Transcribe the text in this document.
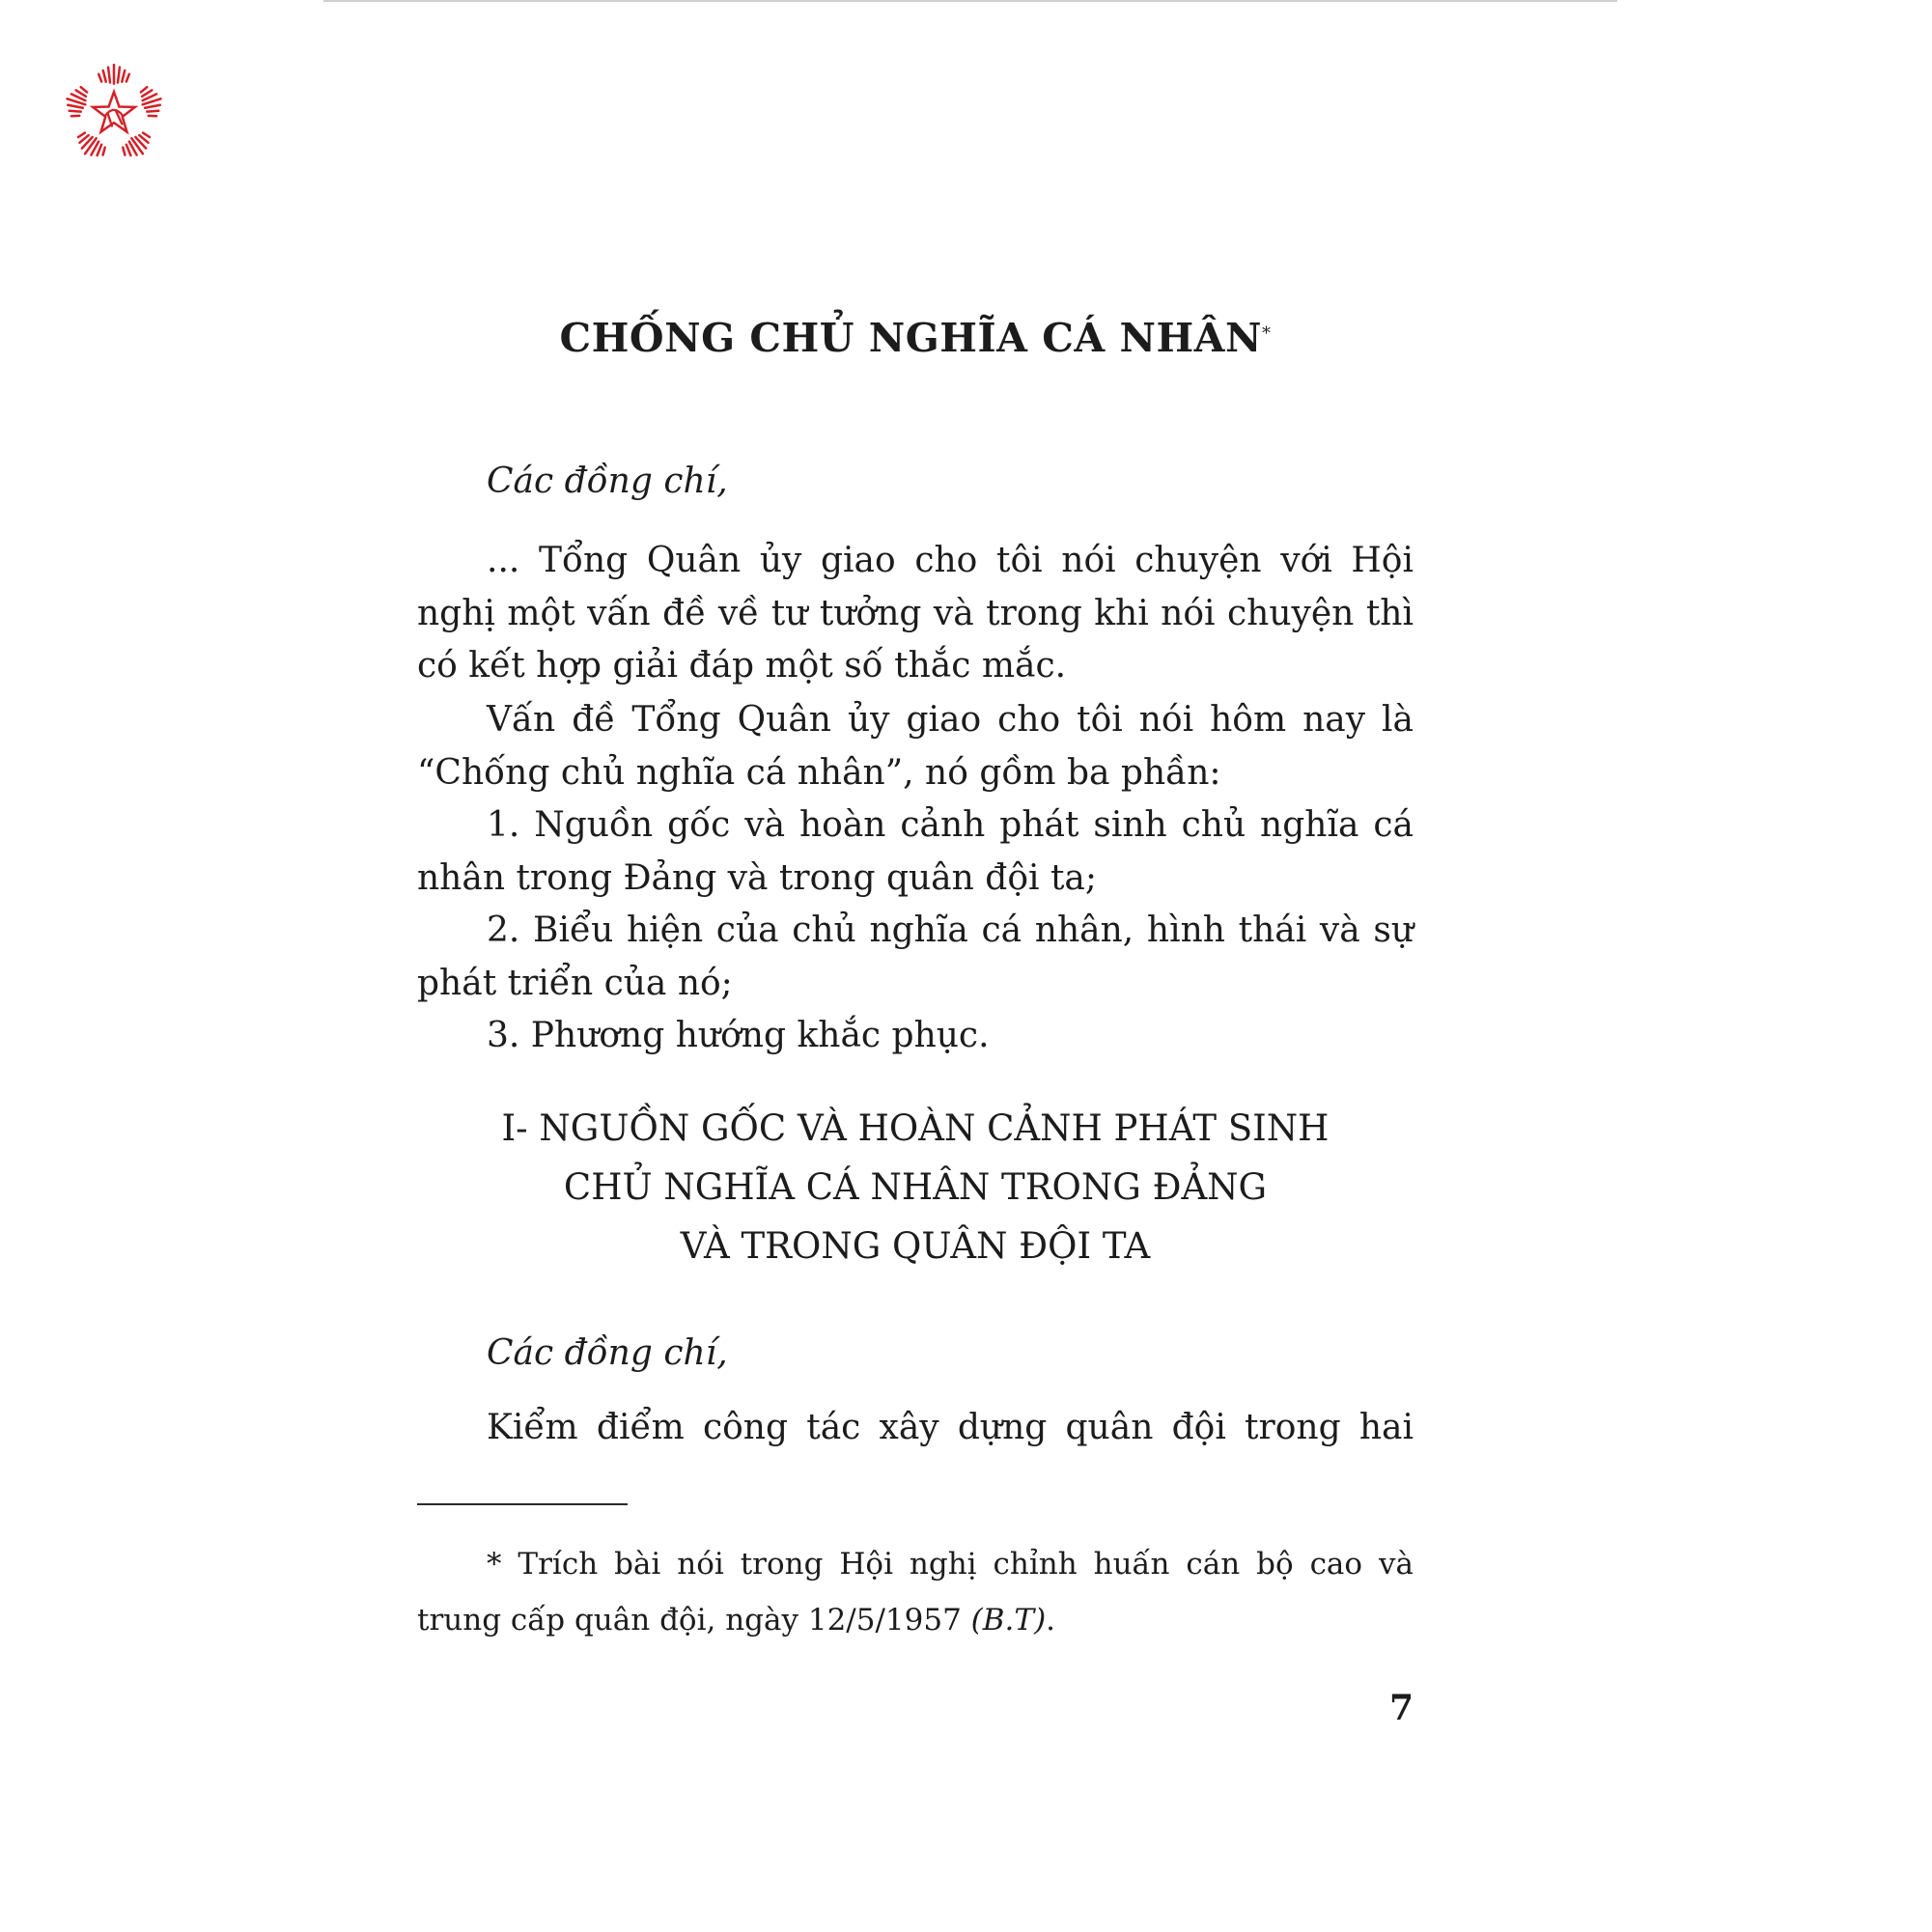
CHỐNG CHỦ NGHĨA CÁ NHÂN*
Các đồng chí,

... Tổng Quân ủy giao cho tôi nói chuyện với Hội nghị một vấn đề về tư tưởng và trong khi nói chuyện thì có kết hợp giải đáp một số thắc mắc.

Vấn đề Tổng Quân ủy giao cho tôi nói hôm nay là “Chống chủ nghĩa cá nhân”, nó gồm ba phần:

1. Nguồn gốc và hoàn cảnh phát sinh chủ nghĩa cá nhân trong Đảng và trong quân đội ta;

2. Biểu hiện của chủ nghĩa cá nhân, hình thái và sự phát triển của nó;

3. Phương hướng khắc phục.

I- NGUỒN GỐC VÀ HOÀN CẢNH PHÁT SINH
CHỦ NGHĨA CÁ NHÂN TRONG ĐẢNG
VÀ TRONG QUÂN ĐỘI TA
Các đồng chí,

Kiểm điểm công tác xây dựng quân đội trong hai

* Trích bài nói trong Hội nghị chỉnh huấn cán bộ cao và trung cấp quân đội, ngày 12/5/1957 (B.T).

7
